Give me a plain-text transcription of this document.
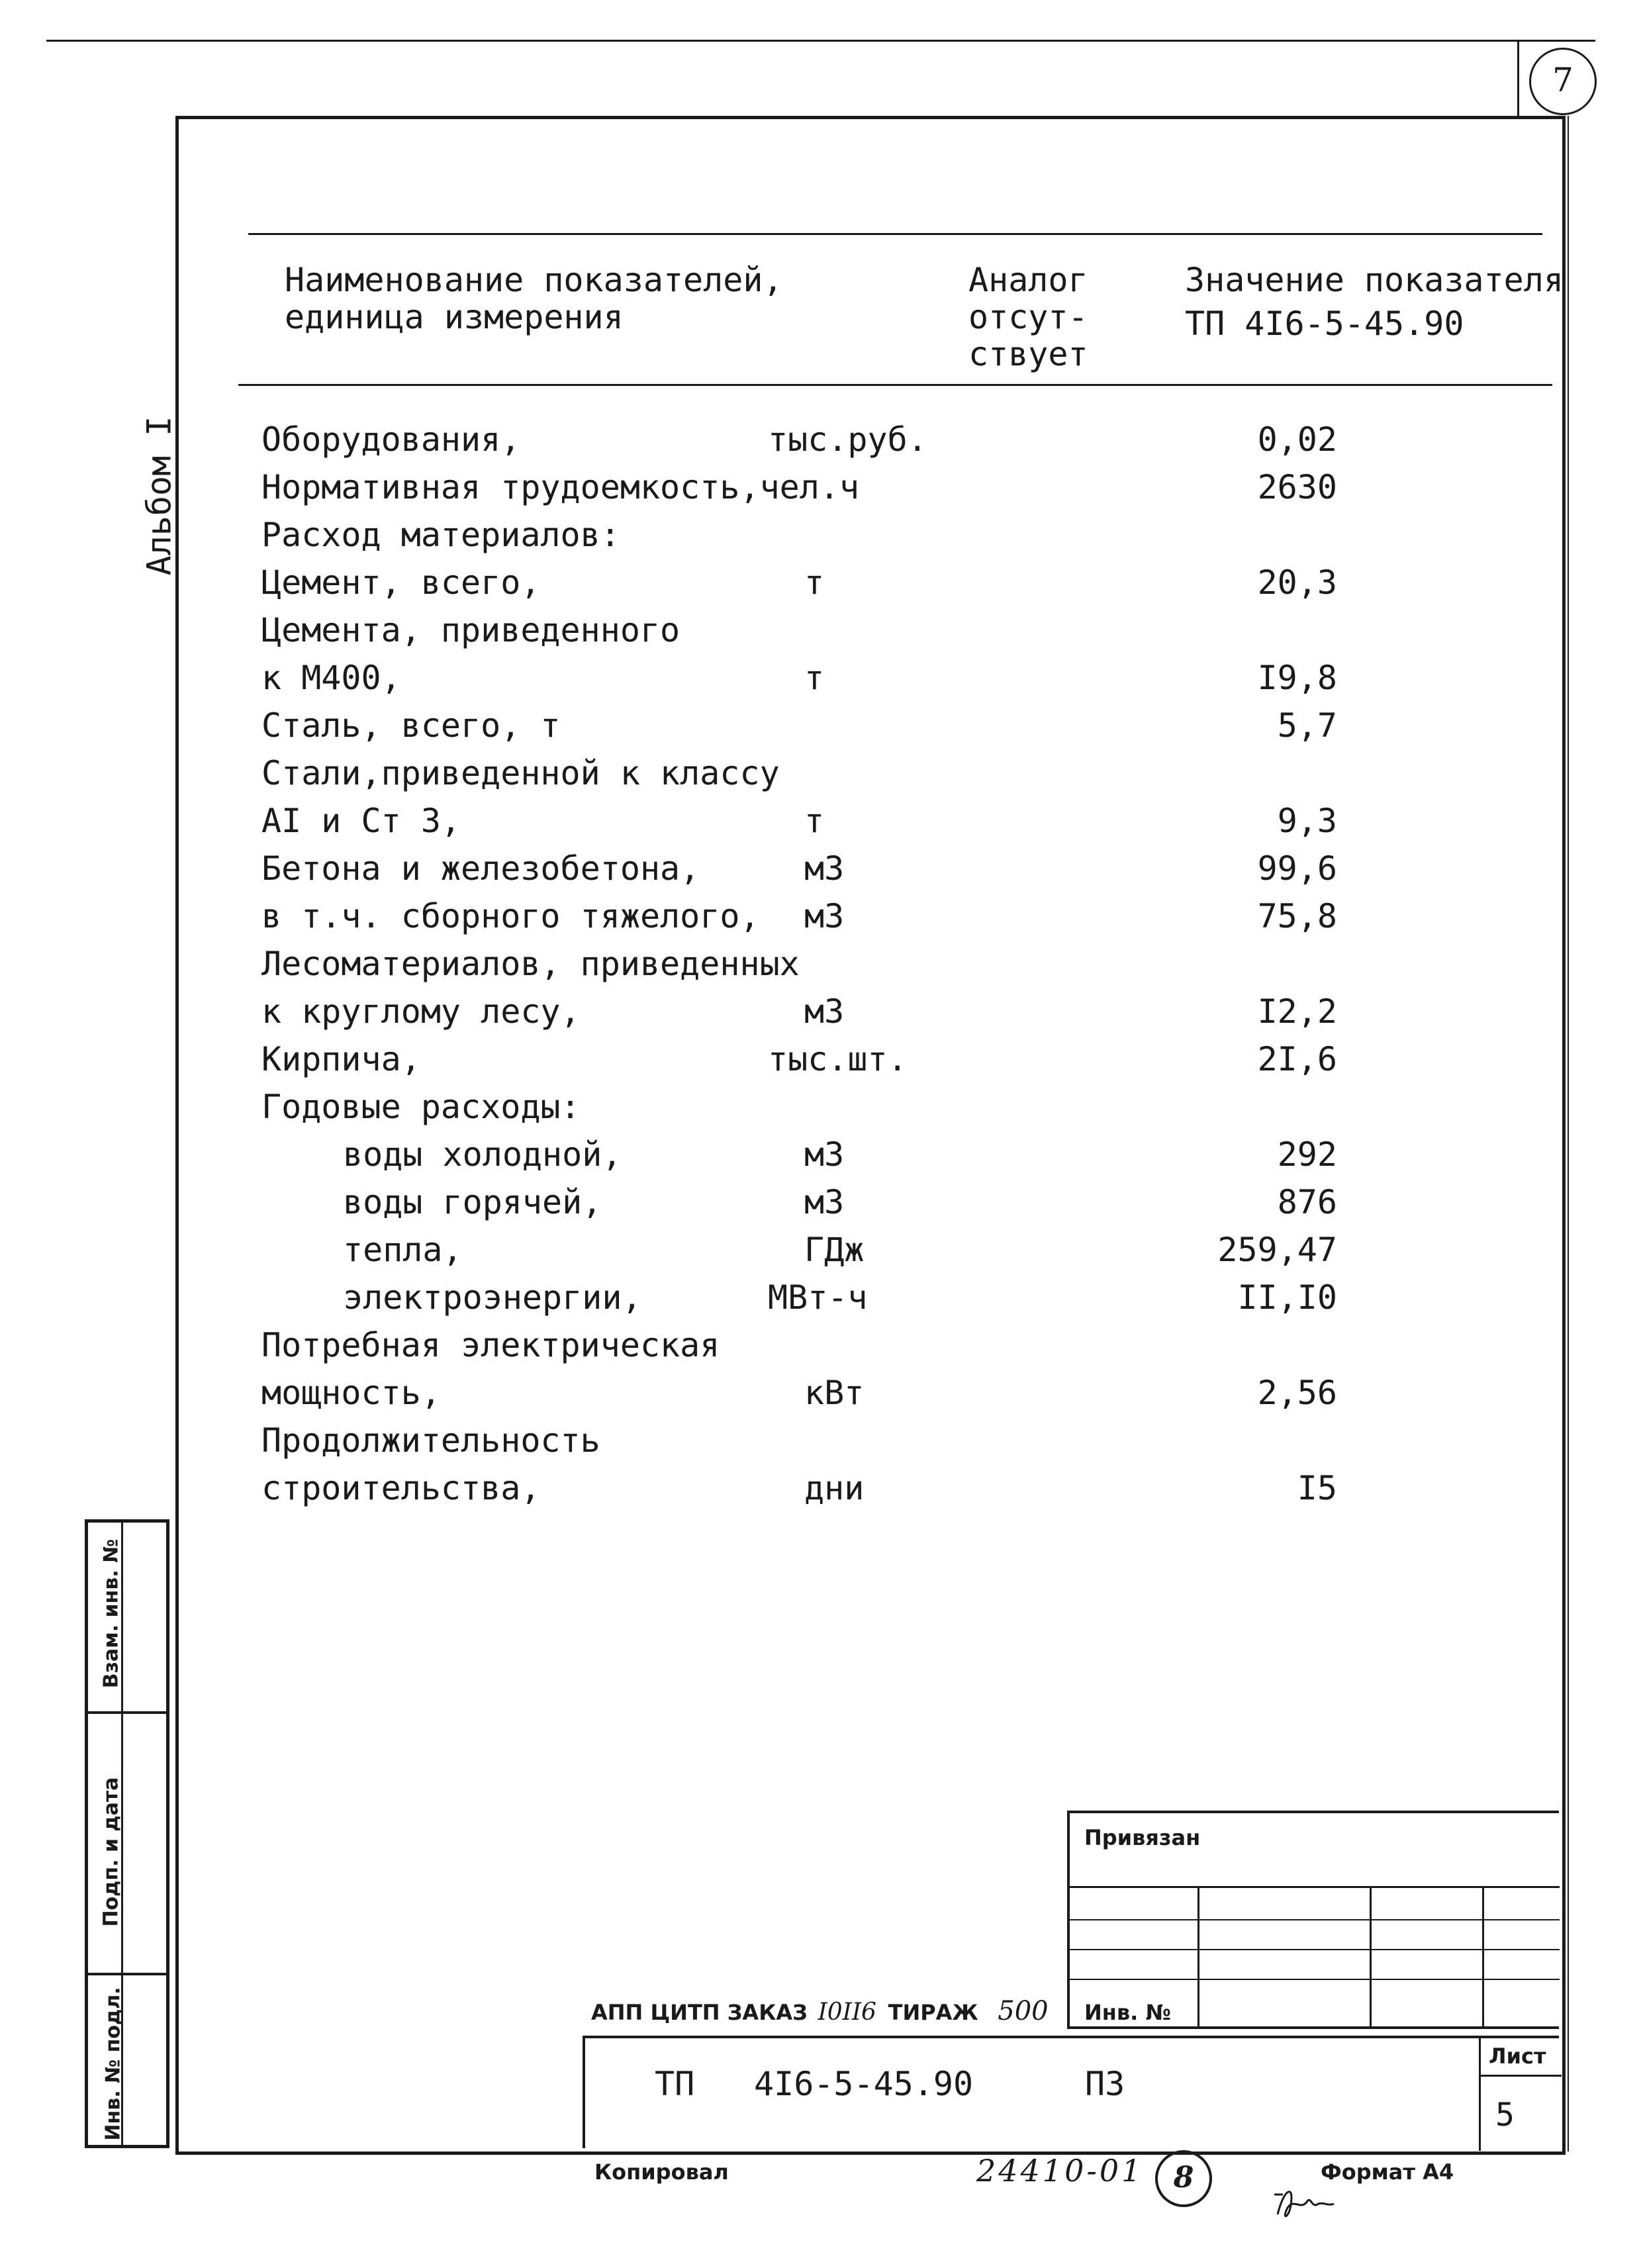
7
Альбом I
Наименование показателей,
единица измерения
Аналог
отсут-
ствует
Значение показателя
ТП 4I6-5-45.90
Оборудования,	тыс.руб.	0,02
Нормативная трудоемкость,чел.ч	2630
Расход материалов:
Цемент, всего,	т	20,3
Цемента, приведенного
к М400,	т	I9,8
Сталь, всего, т	5,7
Стали,приведенной к классу
АI и Ст 3,	т	9,3
Бетона и железобетона,	м3	99,6
в т.ч. сборного тяжелого, м3	75,8
Лесоматериалов, приведенных
к круглому лесу,	м3	I2,2
Кирпича,	тыс.шт.	2I,6
Годовые расходы:
воды холодной,	м3	292
воды горячей,	м3	876
тепла,	ГДж	259,47
электроэнергии,	МВт-ч	II,I0
Потребная электрическая
мощность,	кВт	2,56
Продолжительность
строительства,	дни	I5
Взам. инв. №
Подп. и дата
Инв. № подл.
Привязан
Инв. №
АПП ЦИТП ЗАКАЗ I0II6 ТИРАЖ 500
ТП 4I6-5-45.90	ПЗ
Лист
5
Копировал	24410-01	8	Формат А4
